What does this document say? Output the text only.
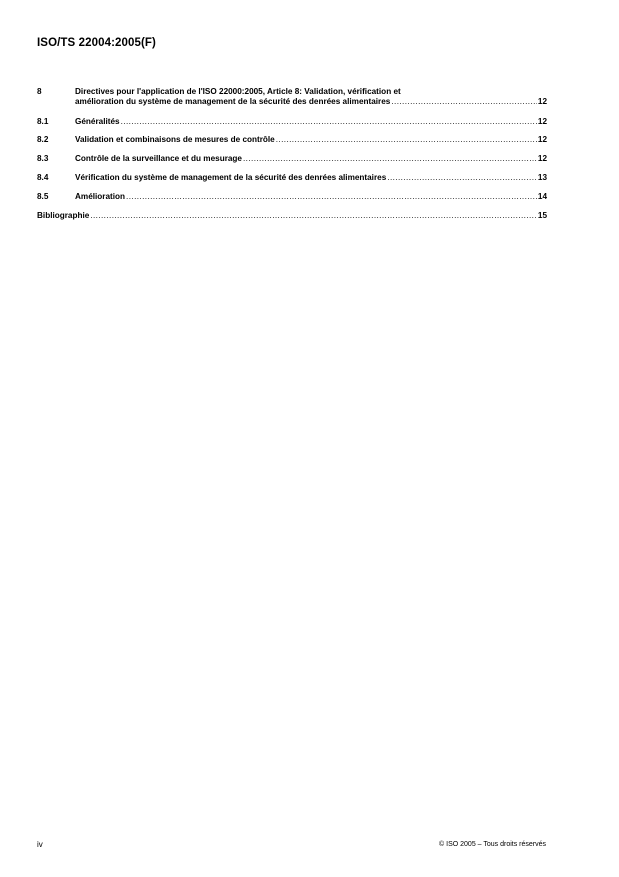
ISO/TS 22004:2005(F)
8	Directives pour l'application de l'ISO 22000:2005, Article 8: Validation, vérification et
amélioration du système de management de la sécurité des denrées alimentaires .....	12
8.1	Généralités .....	12
8.2	Validation et combinaisons de mesures de contrôle .....	12
8.3	Contrôle de la surveillance et du mesurage .....	12
8.4	Vérification du système de management de la sécurité des denrées alimentaires .....	13
8.5	Amélioration .....	14
Bibliographie .....	15
iv	© ISO 2005 – Tous droits réservés
